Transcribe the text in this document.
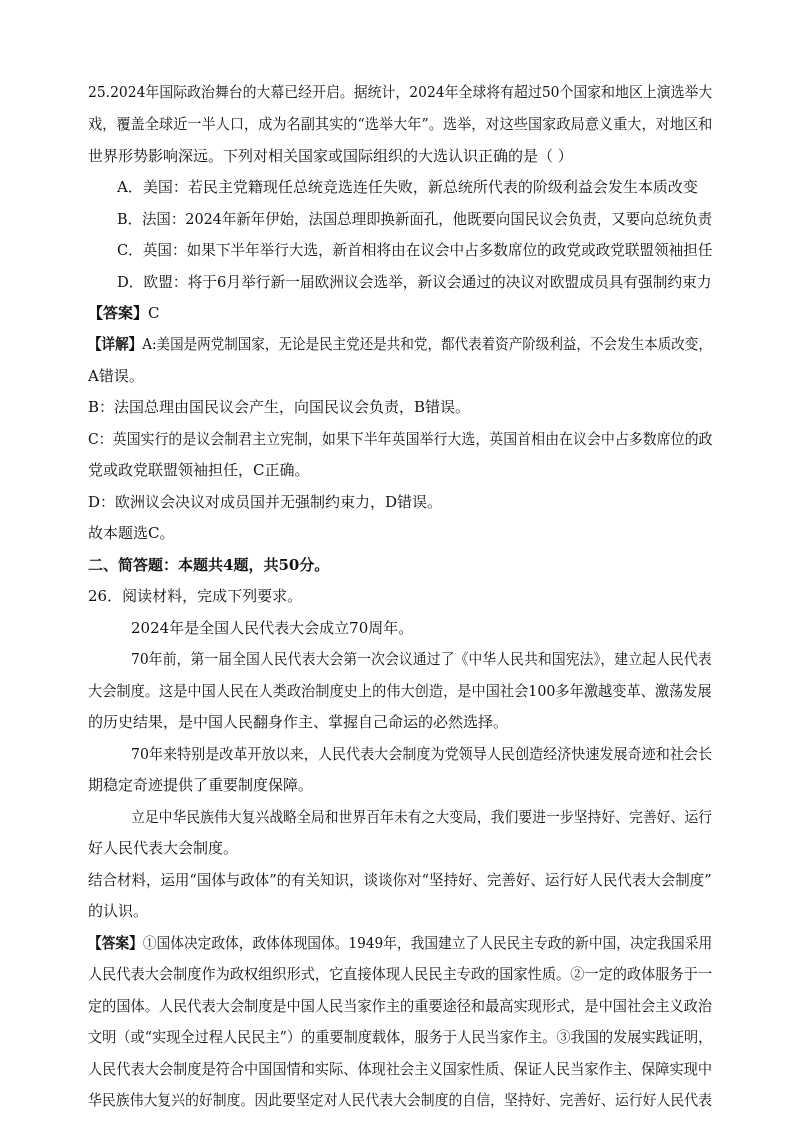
25.2024年国际政治舞台的大幕已经开启。据统计，2024年全球将有超过50个国家和地区上演选举大
戏，覆盖全球近一半人口，成为名副其实的“选举大年”。选举，对这些国家政局意义重大，对地区和
世界形势影响深远。下列对相关国家或国际组织的大选认识正确的是（ ）
A．美国：若民主党籍现任总统竞选连任失败，新总统所代表的阶级利益会发生本质改变
B．法国：2024年新年伊始，法国总理即换新面孔，他既要向国民议会负责，又要向总统负责
C．英国：如果下半年举行大选，新首相将由在议会中占多数席位的政党或政党联盟领袖担任
D．欧盟：将于6月举行新一届欧洲议会选举，新议会通过的决议对欧盟成员具有强制约束力
【答案】C
【详解】A:美国是两党制国家，无论是民主党还是共和党，都代表着资产阶级利益，不会发生本质改变，
A错误。
B：法国总理由国民议会产生，向国民议会负责，B错误。
C：英国实行的是议会制君主立宪制，如果下半年英国举行大选，英国首相由在议会中占多数席位的政
党或政党联盟领袖担任，C正确。
D：欧洲议会决议对成员国并无强制约束力，D错误。
故本题选C。
二、简答题：本题共4题，共50分。
26．阅读材料，完成下列要求。
2024年是全国人民代表大会成立70周年。
70年前，第一届全国人民代表大会第一次会议通过了《中华人民共和国宪法》，建立起人民代表
大会制度。这是中国人民在人类政治制度史上的伟大创造，是中国社会100多年激越变革、激荡发展
的历史结果，是中国人民翻身作主、掌握自己命运的必然选择。
70年来特别是改革开放以来，人民代表大会制度为党领导人民创造经济快速发展奇迹和社会长
期稳定奇迹提供了重要制度保障。
立足中华民族伟大复兴战略全局和世界百年未有之大变局，我们要进一步坚持好、完善好、运行
好人民代表大会制度。
结合材料，运用“国体与政体”的有关知识，谈谈你对“坚持好、完善好、运行好人民代表大会制度”
的认识。
【答案】①国体决定政体，政体体现国体。1949年，我国建立了人民民主专政的新中国，决定我国采用
人民代表大会制度作为政权组织形式，它直接体现人民民主专政的国家性质。②一定的政体服务于一
定的国体。人民代表大会制度是中国人民当家作主的重要途径和最高实现形式，是中国社会主义政治
文明（或“实现全过程人民民主”）的重要制度载体，服务于人民当家作主。③我国的发展实践证明，
人民代表大会制度是符合中国国情和实际、体现社会主义国家性质、保证人民当家作主、保障实现中
华民族伟大复兴的好制度。因此要坚定对人民代表大会制度的自信，坚持好、完善好、运行好人民代表
